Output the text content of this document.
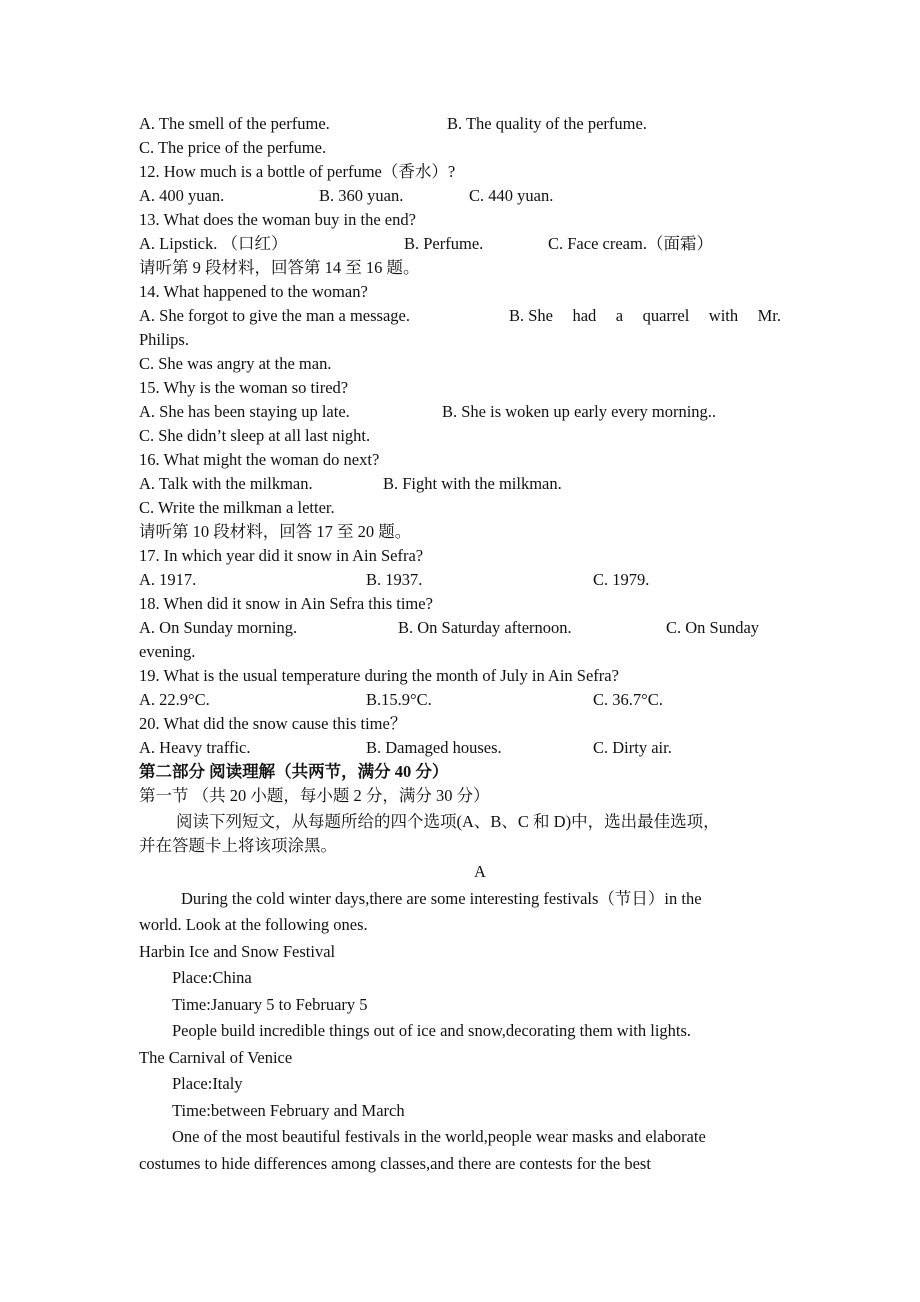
A. The smell of the perfume.	B. The quality of the perfume.
C. The price of the perfume.
12. How much is a bottle of perfume（香水）?
A. 400 yuan.	B. 360 yuan.	C. 440 yuan.
13. What does the woman buy in the end?
A. Lipstick. （口红）	B. Perfume.	C. Face cream.（面霜）
请听第 9 段材料，回答第 14 至 16 题。
14. What happened to the woman?
A. She forgot to give the man a message.	B. She had a quarrel with Mr.
Philips.
C. She was angry at the man.
15. Why is the woman so tired?
A. She has been staying up late.	B. She is woken up early every morning..
C. She didn’t sleep at all last night.
16. What might the woman do next?
A. Talk with the milkman.	B. Fight with the milkman.
C. Write the milkman a letter.
请听第 10 段材料，回答 17 至 20 题。
17. In which year did it snow in Ain Sefra?
A. 1917.	B. 1937.	C. 1979.
18. When did it snow in Ain Sefra this time?
A. On Sunday morning.	B. On Saturday afternoon.	C. On Sunday
evening.
19. What is the usual temperature during the month of July in Ain Sefra?
A. 22.9°C.	B.15.9°C.	C. 36.7°C.
20. What did the snow cause this time？
A. Heavy traffic.	B. Damaged houses.	C. Dirty air.
第二部分 阅读理解（共两节，满分 40 分）
第一节 （共 20 小题，每小题 2 分，满分 30 分）
阅读下列短文，从每题所给的四个选项(A、B、C 和 D)中，选出最佳选项，
并在答题卡上将该项涂黑。
A
During the cold winter days,there are some interesting festivals（节日）in the
world. Look at the following ones.
Harbin Ice and Snow Festival
Place:China
Time:January 5 to February 5
People build incredible things out of ice and snow,decorating them with lights.
The Carnival of Venice
Place:Italy
Time:between February and March
One of the most beautiful festivals in the world,people wear masks and elaborate
costumes to hide differences among classes,and there are contests for the best
